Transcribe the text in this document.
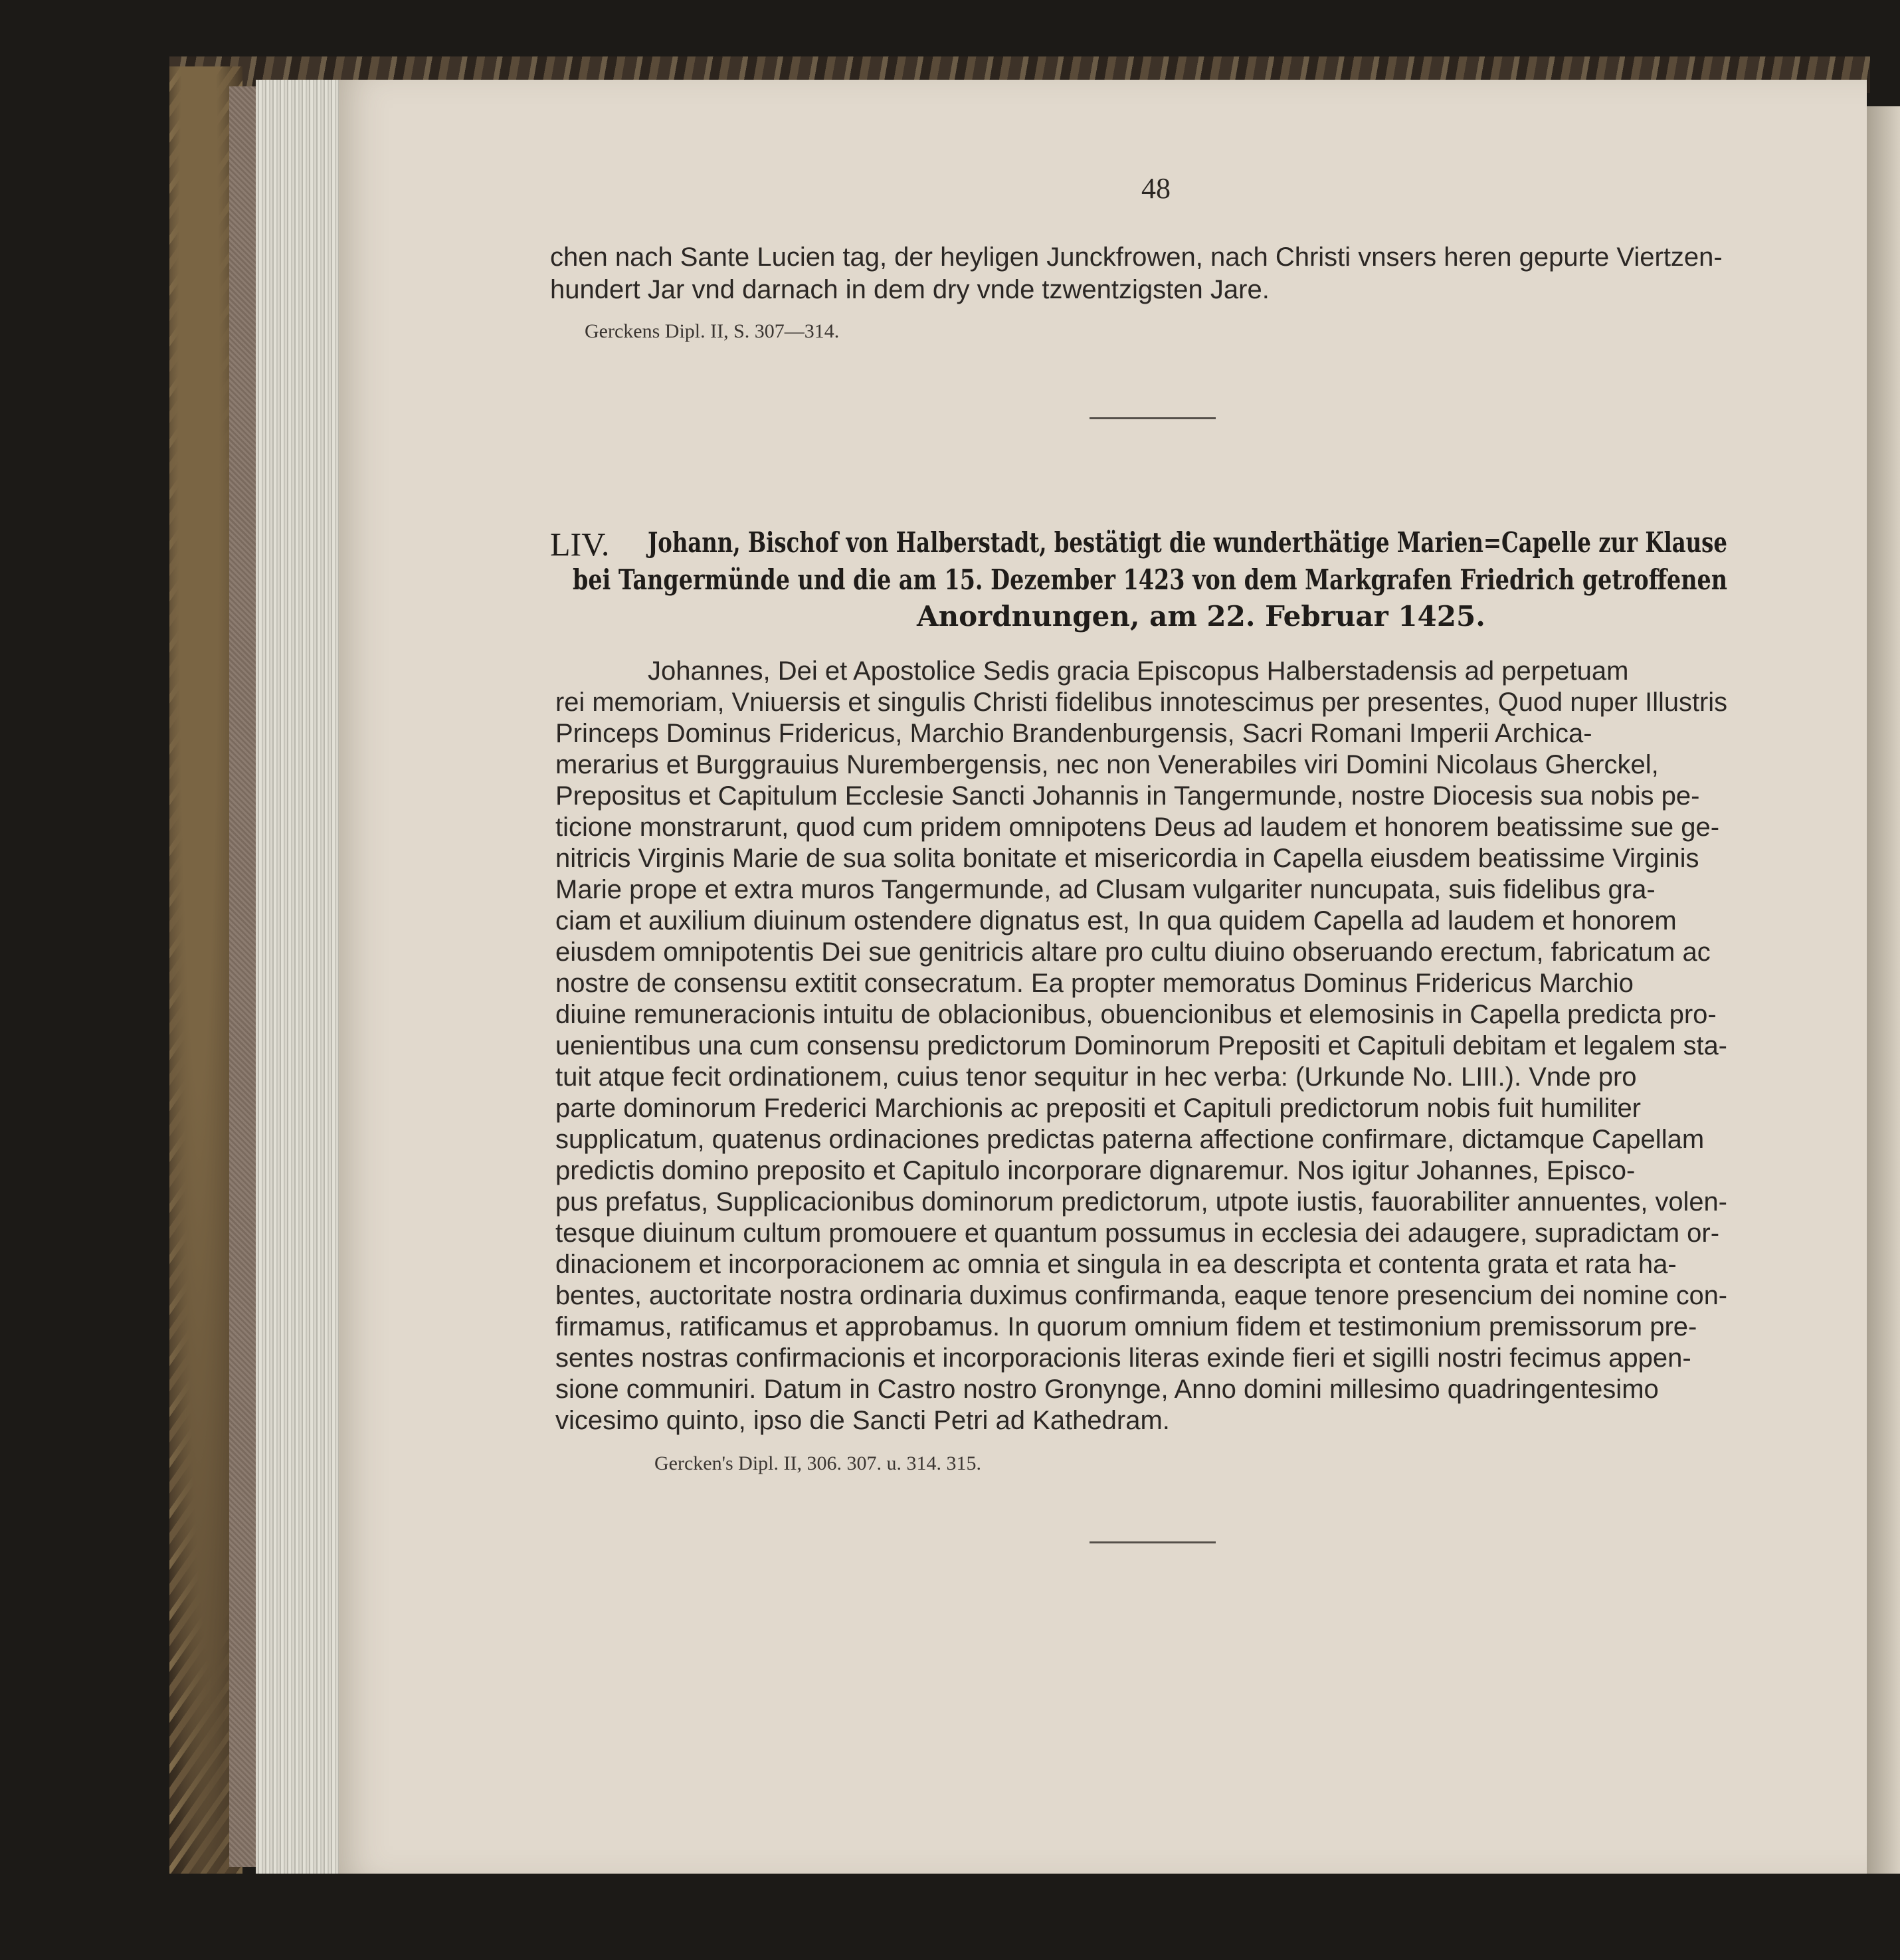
48
chen nach Sante Lucien tag, der heyligen Junckfrowen, nach Christi vnsers heren gepurte Viertzen-
hundert Jar vnd darnach in dem dry vnde tzwentzigsten Jare.
Gerckens Dipl. II, S. 307—314.
LIV. Johann, Bischof von Halberstadt, bestätigt die wunderthätige Marien=Capelle zur Klause
bei Tangermünde und die am 15. Dezember 1423 von dem Markgrafen Friedrich getroffenen
Anordnungen, am 22. Februar 1425.
Johannes, Dei et Apostolice Sedis gracia Episcopus Halberstadensis ad perpetuam
rei memoriam, Vniuersis et singulis Christi fidelibus innotescimus per presentes, Quod nuper Illustris
Princeps Dominus Fridericus, Marchio Brandenburgensis, Sacri Romani Imperii Archica-
merarius et Burggrauius Nurembergensis, nec non Venerabiles viri Domini Nicolaus Gherckel,
Prepositus et Capitulum Ecclesie Sancti Johannis in Tangermunde, nostre Diocesis sua nobis pe-
ticione monstrarunt, quod cum pridem omnipotens Deus ad laudem et honorem beatissime sue ge-
nitricis Virginis Marie de sua solita bonitate et misericordia in Capella eiusdem beatissime Virginis
Marie prope et extra muros Tangermunde, ad Clusam vulgariter nuncupata, suis fidelibus gra-
ciam et auxilium diuinum ostendere dignatus est, In qua quidem Capella ad laudem et honorem
eiusdem omnipotentis Dei sue genitricis altare pro cultu diuino obseruando erectum, fabricatum ac
nostre de consensu extitit consecratum. Ea propter memoratus Dominus Fridericus Marchio
diuine remuneracionis intuitu de oblacionibus, obuencionibus et elemosinis in Capella predicta pro-
uenientibus una cum consensu predictorum Dominorum Prepositi et Capituli debitam et legalem sta-
tuit atque fecit ordinationem, cuius tenor sequitur in hec verba: (Urkunde No. LIII.). Vnde pro
parte dominorum Frederici Marchionis ac prepositi et Capituli predictorum nobis fuit humiliter
supplicatum, quatenus ordinaciones predictas paterna affectione confirmare, dictamque Capellam
predictis domino preposito et Capitulo incorporare dignaremur. Nos igitur Johannes, Episco-
pus prefatus, Supplicacionibus dominorum predictorum, utpote iustis, fauorabiliter annuentes, volen-
tesque diuinum cultum promouere et quantum possumus in ecclesia dei adaugere, supradictam or-
dinacionem et incorporacionem ac omnia et singula in ea descripta et contenta grata et rata ha-
bentes, auctoritate nostra ordinaria duximus confirmanda, eaque tenore presencium dei nomine con-
firmamus, ratificamus et approbamus. In quorum omnium fidem et testimonium premissorum pre-
sentes nostras confirmacionis et incorporacionis literas exinde fieri et sigilli nostri fecimus appen-
sione communiri. Datum in Castro nostro Gronynge, Anno domini millesimo quadringentesimo
vicesimo quinto, ipso die Sancti Petri ad Kathedram.
Gercken's Dipl. II, 306. 307. u. 314. 315.
